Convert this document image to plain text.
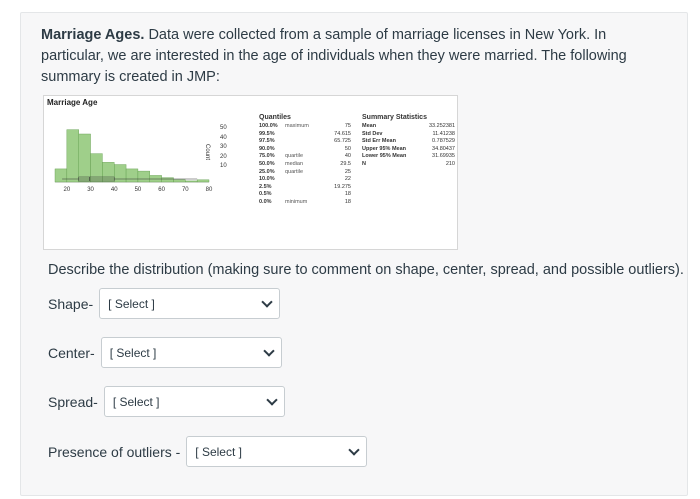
Marriage Ages. Data were collected from a sample of marriage licenses in New York. In particular, we are interested in the age of individuals when they were married. The following summary is created in JMP:
Marriage Age
20	30	40	50	60	70	80
50
40
30
20
10
Count
Quantiles
100.0%	maximum	75
99.5%	74.615
97.5%	65.725
90.0%	50
75.0%	quartile	40
50.0%	median	29.5
25.0%	quartile	25
10.0%	22
2.5%	19.275
0.5%	18
0.0%	minimum	18
Summary Statistics
Mean	33.252381
Std Dev	11.41238
Std Err Mean	0.787529
Upper 95% Mean	34.80437
Lower 95% Mean	31.69935
N	210
Describe the distribution (making sure to comment on shape, center, spread, and possible outliers).
Shape- [ Select ]
Center- [ Select ]
Spread- [ Select ]
Presence of outliers - [ Select ]
